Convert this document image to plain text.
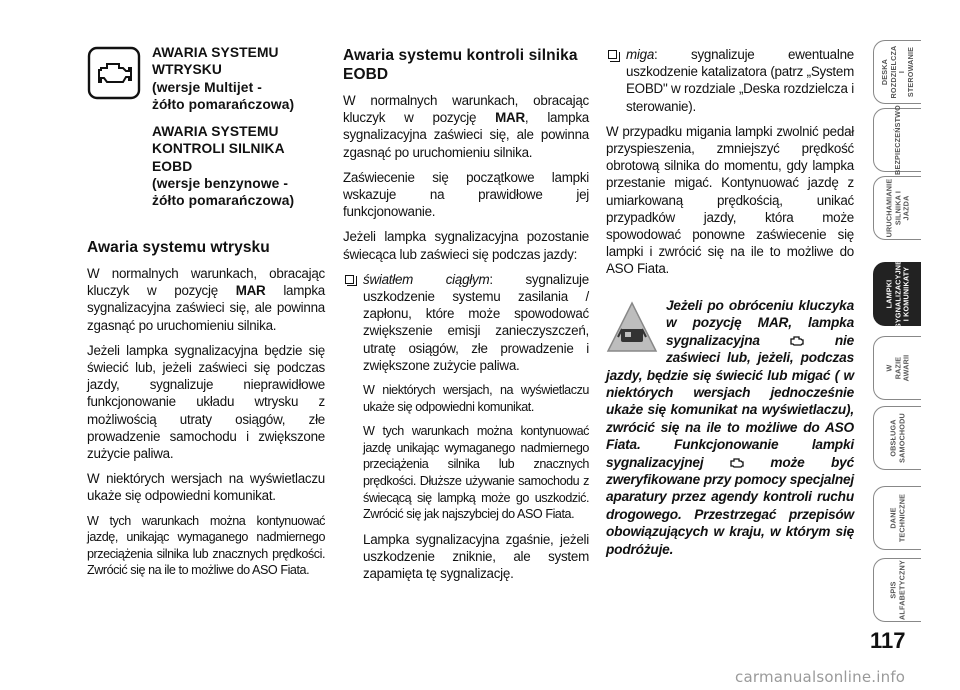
AWARIA SYSTEMU
WTRYSKU
(wersje Multijet -
żółto pomarańczowa)
AWARIA SYSTEMU
KONTROLI SILNIKA
EOBD
(wersje benzynowe -
żółto pomarańczowa)
Awaria systemu wtrysku

W normalnych warunkach, obracając kluczyk w pozycję MAR lampka sygnalizacyjna zaświeci się, ale powinna zgasnąć po uruchomieniu silnika.

Jeżeli lampka sygnalizacyjna będzie się świecić lub, jeżeli zaświeci się podczas jazdy, sygnalizuje nieprawidłowe funkcjonowanie układu wtrysku z możliwością utraty osiągów, złe prowadzenie samochodu i zwiększone zużycie paliwa.

W niektórych wersjach na wyświetlaczu ukaże się odpowiedni komunikat.

W tych warunkach można kontynuować jazdę, unikając wymaganego nadmiernego przeciążenia silnika lub znacznych prędkości. Zwrócić się na ile to możliwe do ASO Fiata.

Awaria systemu kontroli silnika EOBD

W normalnych warunkach, obracając kluczyk w pozycję MAR, lampka sygnalizacyjna zaświeci się, ale powinna zgasnąć po uruchomieniu silnika.

Zaświecenie się początkowe lampki wskazuje na prawidłowe jej funkcjonowanie.

Jeżeli lampka sygnalizacyjna pozostanie świecąca lub zaświeci się podczas jazdy:

światłem ciągłym: sygnalizuje uszkodzenie systemu zasilania / zapłonu, które może spowodować zwiększenie emisji zanieczyszczeń, utratę osiągów, złe prowadzenie i zwiększone zużycie paliwa.

W niektórych wersjach, na wyświetlaczu ukaże się odpowiedni komunikat.

W tych warunkach można kontynuować jazdę unikając wymaganego nadmiernego przeciążenia silnika lub znacznych prędkości. Dłuższe używanie samochodu z świecącą się lampką może go uszkodzić. Zwrócić się jak najszybciej do ASO Fiata.

Lampka sygnalizacyjna zgaśnie, jeżeli uszkodzenie zniknie, ale system zapamięta tę sygnalizację.

miga: sygnalizuje ewentualne uszkodzenie katalizatora (patrz „System EOBD" w rozdziale „Deska rozdzielcza i sterowanie).

W przypadku migania lampki zwolnić pedał przyspieszenia, zmniejszyć prędkość obrotową silnika do momentu, gdy lampka przestanie migać. Kontynuować jazdę z umiarkowaną prędkością, unikać przypadków jazdy, która może spowodować ponowne zaświecenie się lampki i zwrócić się na ile to możliwe do ASO Fiata.

Jeżeli po obróceniu kluczyka w pozycję MAR, lampka sygnalizacyjna  nie zaświeci lub, jeżeli, podczas jazdy, będzie się świecić lub migać ( w niektórych wersjach jednocześnie ukaże się komunikat na wyświetlaczu), zwrócić się na ile to możliwe do ASO Fiata. Funkcjonowanie lampki sygnalizacyjnej  może być zweryfikowane przy pomocy specjalnej aparatury przez agendy kontroli ruchu drogowego. Przestrzegać przepisów obowiązujących w kraju, w którym się podróżuje.

DESKA
ROZDZIELCZA
I STEROWANIE
BEZPIECZEŃSTWO
URUCHAMIANIE
SILNIKA I JAZDA
LAMPKI
SYGNALIZACYJNE
I KOMUNIKATY
W RAZIE AWARII
OBSŁUGA
SAMOCHODU
DANE
TECHNICZNE
SPIS
ALFABETYCZNY
117
carmanualsonline.info
